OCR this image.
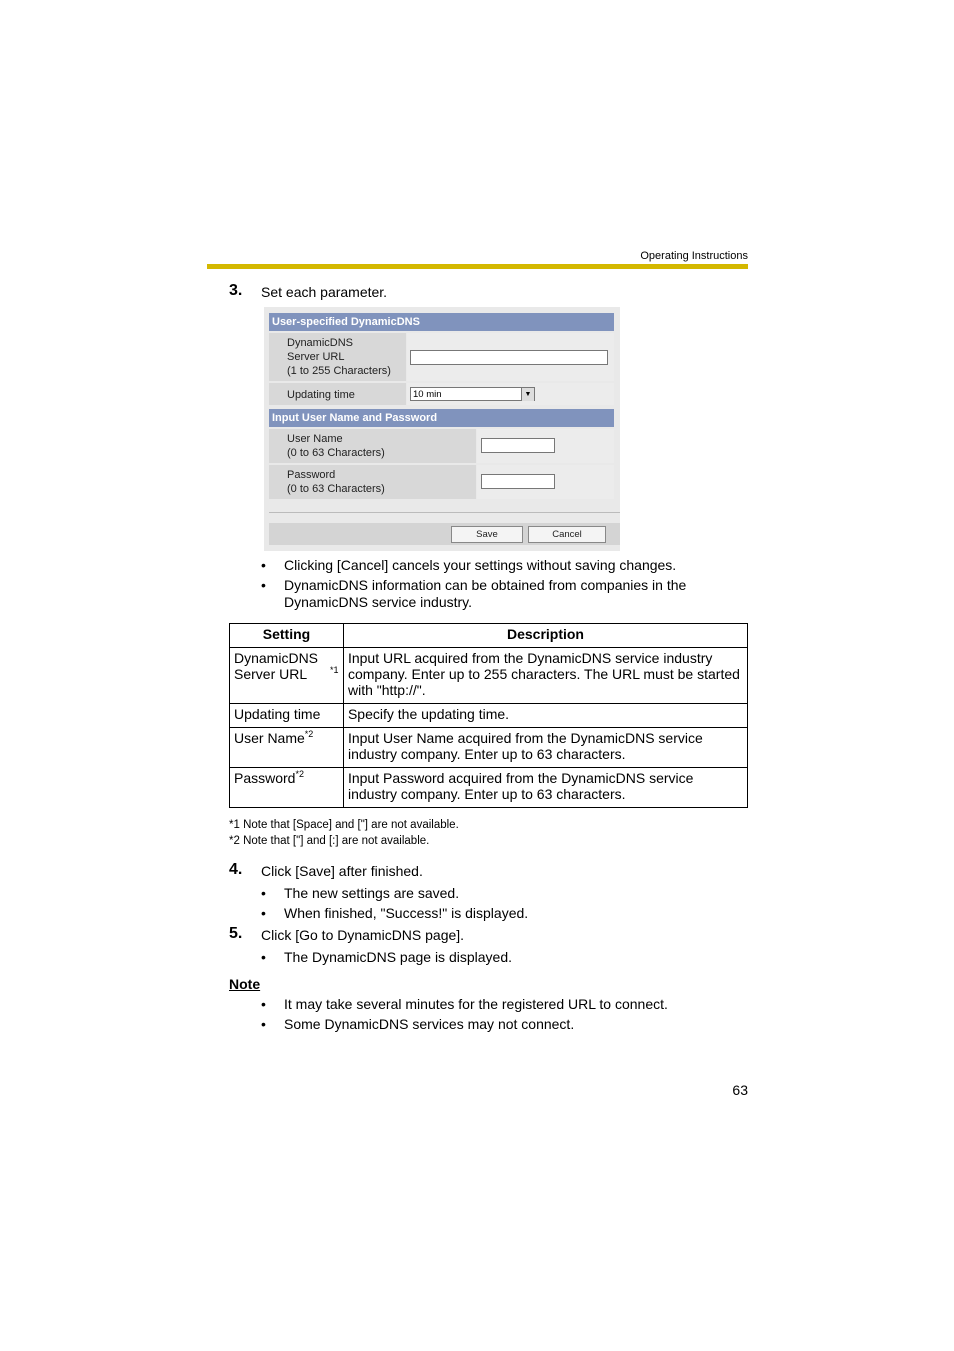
Operating Instructions
3. Set each parameter.
User-specified DynamicDNS
DynamicDNS
Server URL
(1 to 255 Characters)
Updating time	10 min	▼
Input User Name and Password
User Name
(0 to 63 Characters)
Password
(0 to 63 Characters)
Save	Cancel
• Clicking [Cancel] cancels your settings without saving changes.
• DynamicDNS information can be obtained from companies in the DynamicDNS service industry.
Setting	Description
DynamicDNS Server URL $^{*1}$	Input URL acquired from the DynamicDNS service industry company. Enter up to 255 characters. The URL must be started with "http://".
Updating time	Specify the updating time.
User Name$^{*2}$	Input User Name acquired from the DynamicDNS service industry company. Enter up to 63 characters.
Password$^{*2}$	Input Password acquired from the DynamicDNS service industry company. Enter up to 63 characters.
*1 Note that [Space] and ["] are not available.
*2 Note that ["] and [:] are not available.
4. Click [Save] after finished.
• The new settings are saved.
• When finished, "Success!" is displayed.
5. Click [Go to DynamicDNS page].
• The DynamicDNS page is displayed.
Note
• It may take several minutes for the registered URL to connect.
• Some DynamicDNS services may not connect.
63
